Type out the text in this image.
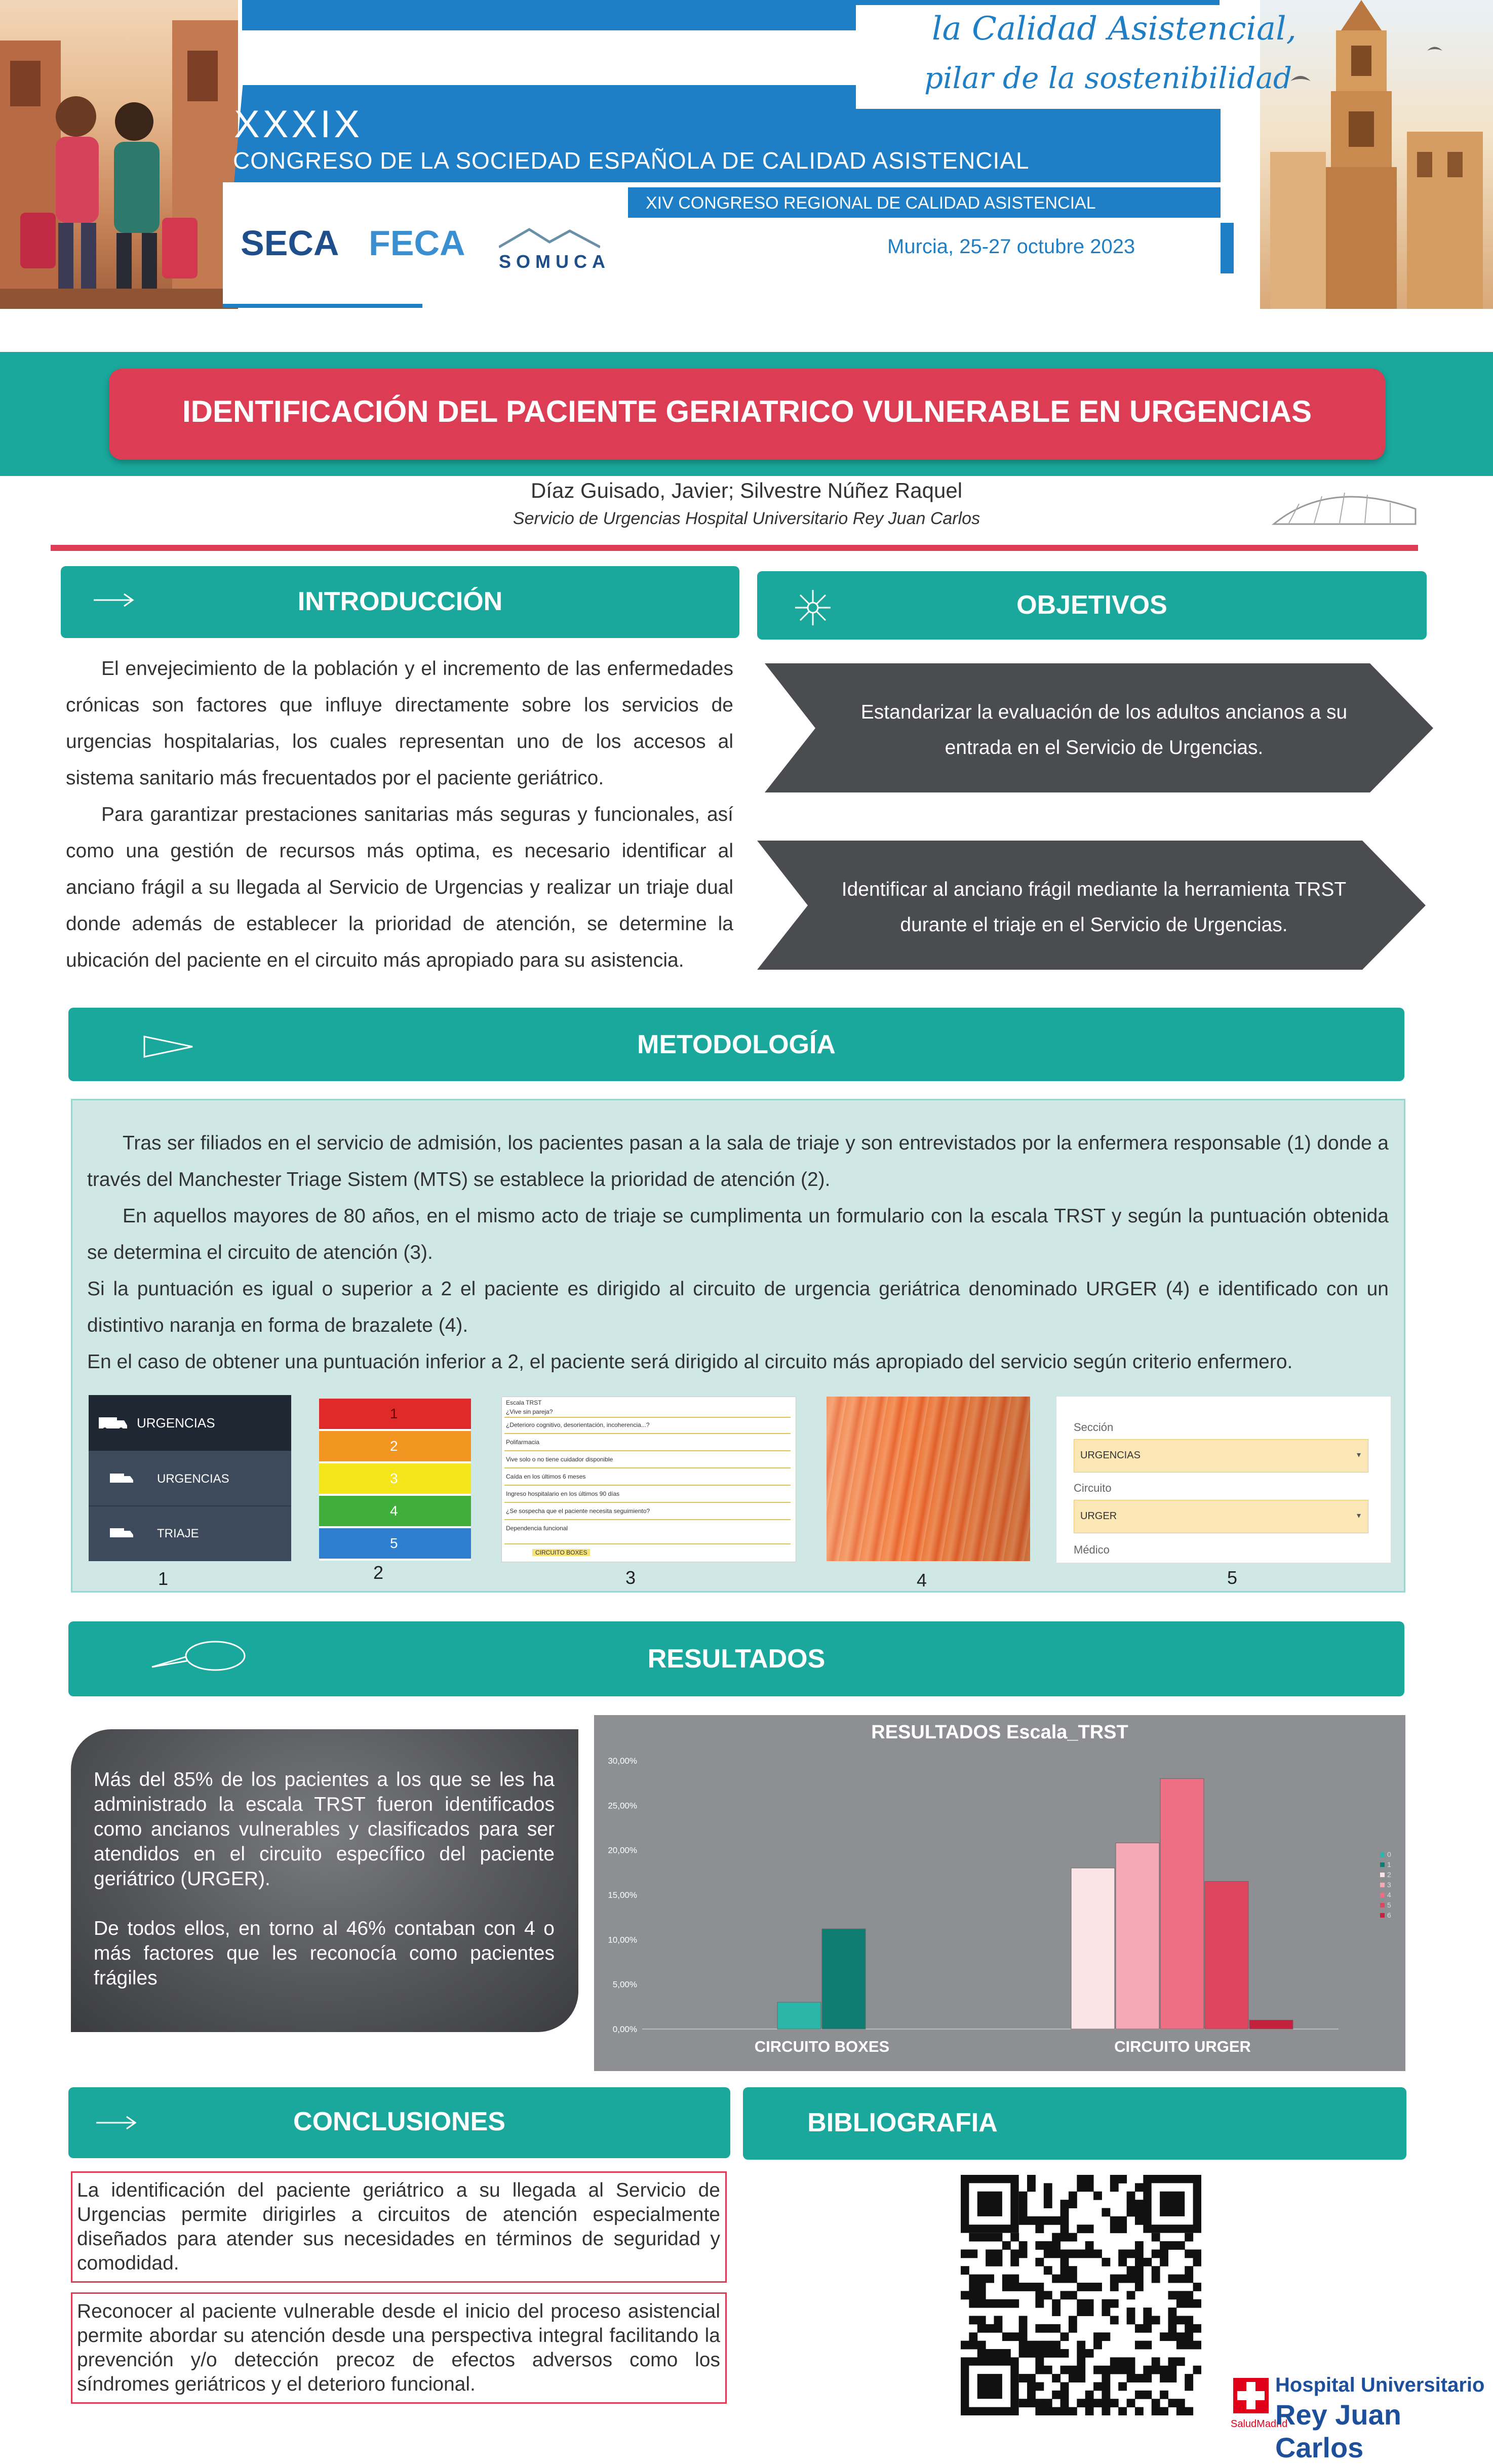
la Calidad Asistencial,
pilar de la sostenibilidad
XXXIX
CONGRESO DE LA SOCIEDAD ESPAÑOLA DE CALIDAD ASISTENCIAL
XIV CONGRESO REGIONAL DE CALIDAD ASISTENCIAL
Murcia, 25-27 octubre 2023
SECA FECA SOMUCA
IDENTIFICACIÓN DEL PACIENTE GERIATRICO VULNERABLE EN URGENCIAS
Díaz Guisado, Javier; Silvestre Núñez Raquel
Servicio de Urgencias Hospital Universitario Rey Juan Carlos
INTRODUCCIÓN

El envejecimiento de la población y el incremento de las enfermedades crónicas son factores que influye directamente sobre los servicios de urgencias hospitalarias, los cuales representan uno de los accesos al sistema sanitario más frecuentados por el paciente geriátrico.

Para garantizar prestaciones sanitarias más seguras y funcionales, así como una gestión de recursos más optima, es necesario identificar al anciano frágil a su llegada al Servicio de Urgencias y realizar un triaje dual donde además de establecer la prioridad de atención, se determine la ubicación del paciente en el circuito más apropiado para su asistencia.

OBJETIVOS
Estandarizar la evaluación de los adultos ancianos a su entrada en el Servicio de Urgencias.
Identificar al anciano frágil mediante la herramienta TRST durante el triaje en el Servicio de Urgencias.
METODOLOGÍA

Tras ser filiados en el servicio de admisión, los pacientes pasan a la sala de triaje y son entrevistados por la enfermera responsable (1) donde a través del Manchester Triage Sistem (MTS) se establece la prioridad de atención (2).

En aquellos mayores de 80 años, en el mismo acto de triaje se cumplimenta un formulario con la escala TRST y según la puntuación obtenida se determina el circuito de atención (3).

Si la puntuación es igual o superior a 2 el paciente es dirigido al circuito de urgencia geriátrica denominado URGER (4) e identificado con un distintivo naranja en forma de brazalete (4).

En el caso de obtener una puntuación inferior a 2, el paciente será dirigido al circuito más apropiado del servicio según criterio enfermero.

URGENCIAS
URGENCIAS
TRIAJE
1
2
3
4
5
Escala TRST
¿Vive sin pareja?
¿Deterioro cognitivo, desorientación, incoherencia...?
Polifarmacia
Vive solo o no tiene cuidador disponible
Caída en los últimos 6 meses
Ingreso hospitalario en los últimos 90 días
¿Se sospecha que el paciente necesita seguimiento?
Dependencia funcional
CIRCUITO BOXES
Sección
URGENCIAS	▾
Circuito
URGER	▾
Médico
1	2	3	4	5
RESULTADOS
Más del 85% de los pacientes a los que se les ha administrado la escala TRST fueron identificados como ancianos vulnerables y clasificados para ser atendidos en el circuito específico del paciente geriátrico (URGER).
De todos ellos, en torno al 46% contaban con 4 o más factores que les reconocía como pacientes frágiles
RESULTADOS Escala_TRST
0,00%
5,00%
10,00%
15,00%
20,00%
25,00%
30,00%
CIRCUITO BOXES	CIRCUITO URGER
0
1
2
3
4
5
6
CONCLUSIONES
La identificación del paciente geriátrico a su llegada al Servicio de Urgencias permite dirigirles a circuitos de atención especialmente diseñados para atender sus necesidades en términos de seguridad y comodidad.
Reconocer al paciente vulnerable desde el inicio del proceso asistencial permite abordar su atención desde una perspectiva integral facilitando la prevención y/o detección precoz de efectos adversos como los síndromes geriátricos y el deterioro funcional.
BIBLIOGRAFIA
SaludMadrid
Hospital Universitario
Rey Juan Carlos
